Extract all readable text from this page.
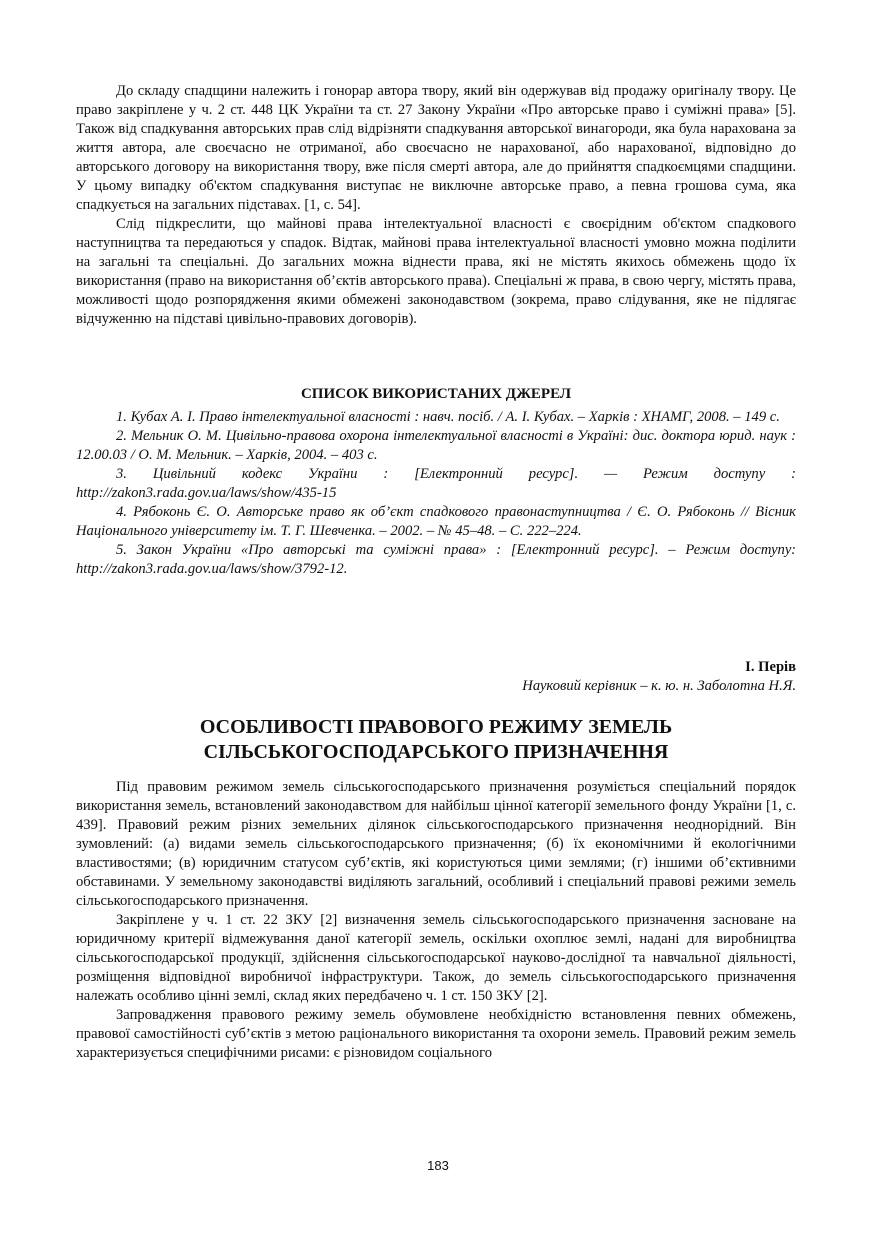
До складу спадщини належить і гонорар автора твору, який він одержував від продажу оригіналу твору. Це право закріплене у ч. 2 ст. 448 ЦК України та ст. 27 Закону України «Про авторське право і суміжні права» [5]. Також від спадкування авторських прав слід відрізняти спадкування авторської винагороди, яка була нарахована за життя автора, але своєчасно не отриманої, або своєчасно не нарахованої, або нарахованої, відповідно до авторського договору на використання твору, вже після смерті автора, але до прийняття спадкоємцями спадщини. У цьому випадку об'єктом спадкування виступає не виключне авторське право, а певна грошова сума, яка спадкується на загальних підставах. [1, с. 54].

Слід підкреслити, що майнові права інтелектуальної власності є своєрідним об'єктом спадкового наступництва та передаються у спадок. Відтак, майнові права інтелектуальної власності умовно можна поділити на загальні та спеціальні. До загальних можна віднести права, які не містять якихось обмежень щодо їх використання (право на використання об’єктів авторського права). Спеціальні ж права, в свою чергу, містять права, можливості щодо розпорядження якими обмежені законодавством (зокрема, право слідування, яке не підлягає відчуженню на підставі цивільно-правових договорів).

СПИСОК ВИКОРИСТАНИХ ДЖЕРЕЛ

1. Кубах А. І. Право інтелектуальної власності : навч. посіб. / А. І. Кубах. – Харків : ХНАМГ, 2008. – 149 с.

2. Мельник О. М. Цивільно-правова охорона інтелектуальної власності в Україні: дис. доктора юрид. наук : 12.00.03 / О. М. Мельник. – Харків, 2004. – 403 с.

3. Цивільний кодекс України : [Електронний ресурс]. — Режим доступу : http://zakon3.rada.gov.ua/laws/show/435-15

4. Рябоконь Є. О. Авторське право як об’єкт спадкового правонаступництва / Є. О. Рябоконь // Вісник Національного університету ім. Т. Г. Шевченка. – 2002. – № 45–48. – С. 222–224.

5. Закон України «Про авторські та суміжні права» : [Електронний ресурс]. – Режим доступу: http://zakon3.rada.gov.ua/laws/show/3792-12.

І. Перів
Науковий керівник – к. ю. н. Заболотна Н.Я.
ОСОБЛИВОСТІ ПРАВОВОГО РЕЖИМУ ЗЕМЕЛЬ
СІЛЬСЬКОГОСПОДАРСЬКОГО ПРИЗНАЧЕННЯ

Під правовим режимом земель сільськогосподарського призначення розуміється спеціальний порядок використання земель, встановлений законодавством для найбільш цінної категорії земельного фонду України [1, с. 439]. Правовий режим різних земельних ділянок сільськогосподарського призначення неоднорідний. Він зумовлений: (а) видами земель сільськогосподарського призначення; (б) їх економічними й екологічними властивостями; (в) юридичним статусом суб’єктів, які користуються цими землями; (г) іншими об’єктивними обставинами. У земельному законодавстві виділяють загальний, особливий і спеціальний правові режими земель сільськогосподарського призначення.

Закріплене у ч. 1 ст. 22 ЗКУ [2] визначення земель сільськогосподарського призначення засноване на юридичному критерії відмежування даної категорії земель, оскільки охоплює землі, надані для виробництва сільськогосподарської продукції, здійснення сільськогосподарської науково-дослідної та навчальної діяльності, розміщення відповідної виробничої інфраструктури. Також, до земель сільськогосподарського призначення належать особливо цінні землі, склад яких передбачено ч. 1 ст. 150 ЗКУ [2].

Запровадження правового режиму земель обумовлене необхідністю встановлення певних обмежень, правової самостійності суб’єктів з метою раціонального використання та охорони земель. Правовий режим земель характеризується специфічними рисами: є різновидом соціального

183
